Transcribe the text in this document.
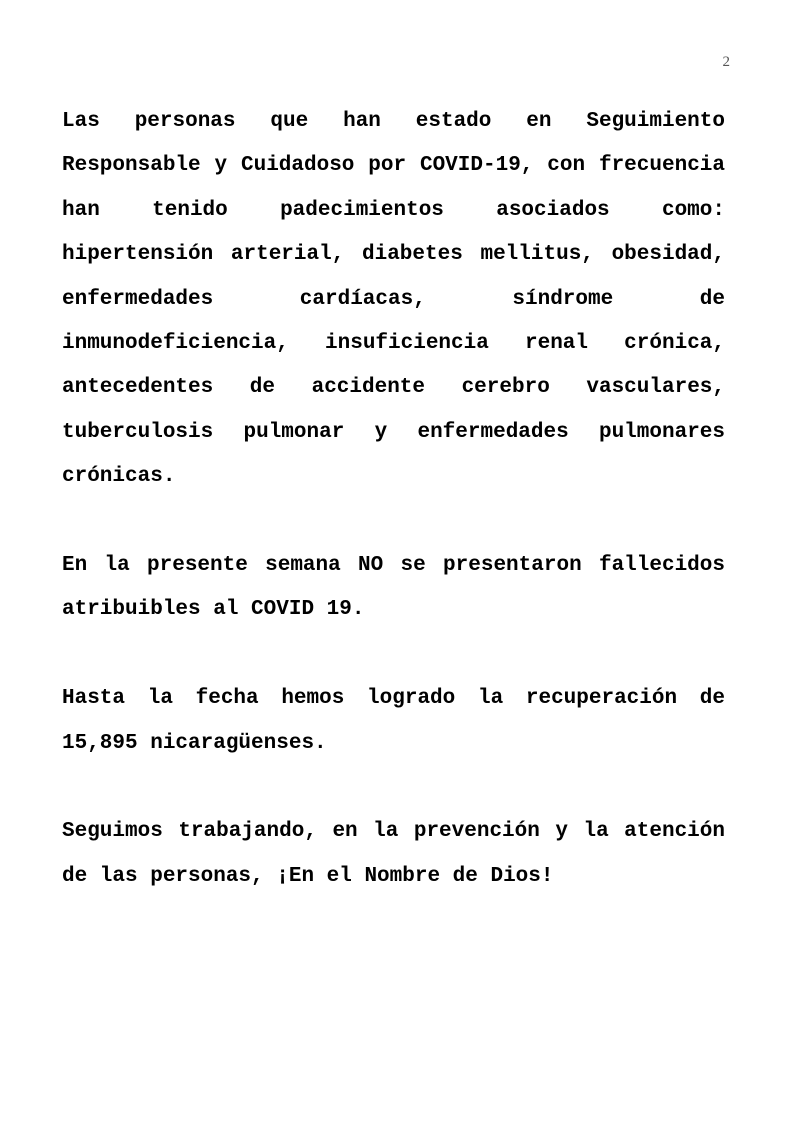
2

Las personas que han estado en Seguimiento Responsable y Cuidadoso por COVID-19, con frecuencia han tenido padecimientos asociados como: hipertensión arterial, diabetes mellitus, obesidad, enfermedades cardíacas, síndrome de inmunodeficiencia, insuficiencia renal crónica, antecedentes de accidente cerebro vasculares, tuberculosis pulmonar y enfermedades pulmonares crónicas.

En la presente semana NO se presentaron fallecidos atribuibles al COVID 19.

Hasta la fecha hemos logrado la recuperación de 15,895 nicaragüenses.

Seguimos trabajando, en la prevención y la atención de las personas, ¡En el Nombre de Dios!
